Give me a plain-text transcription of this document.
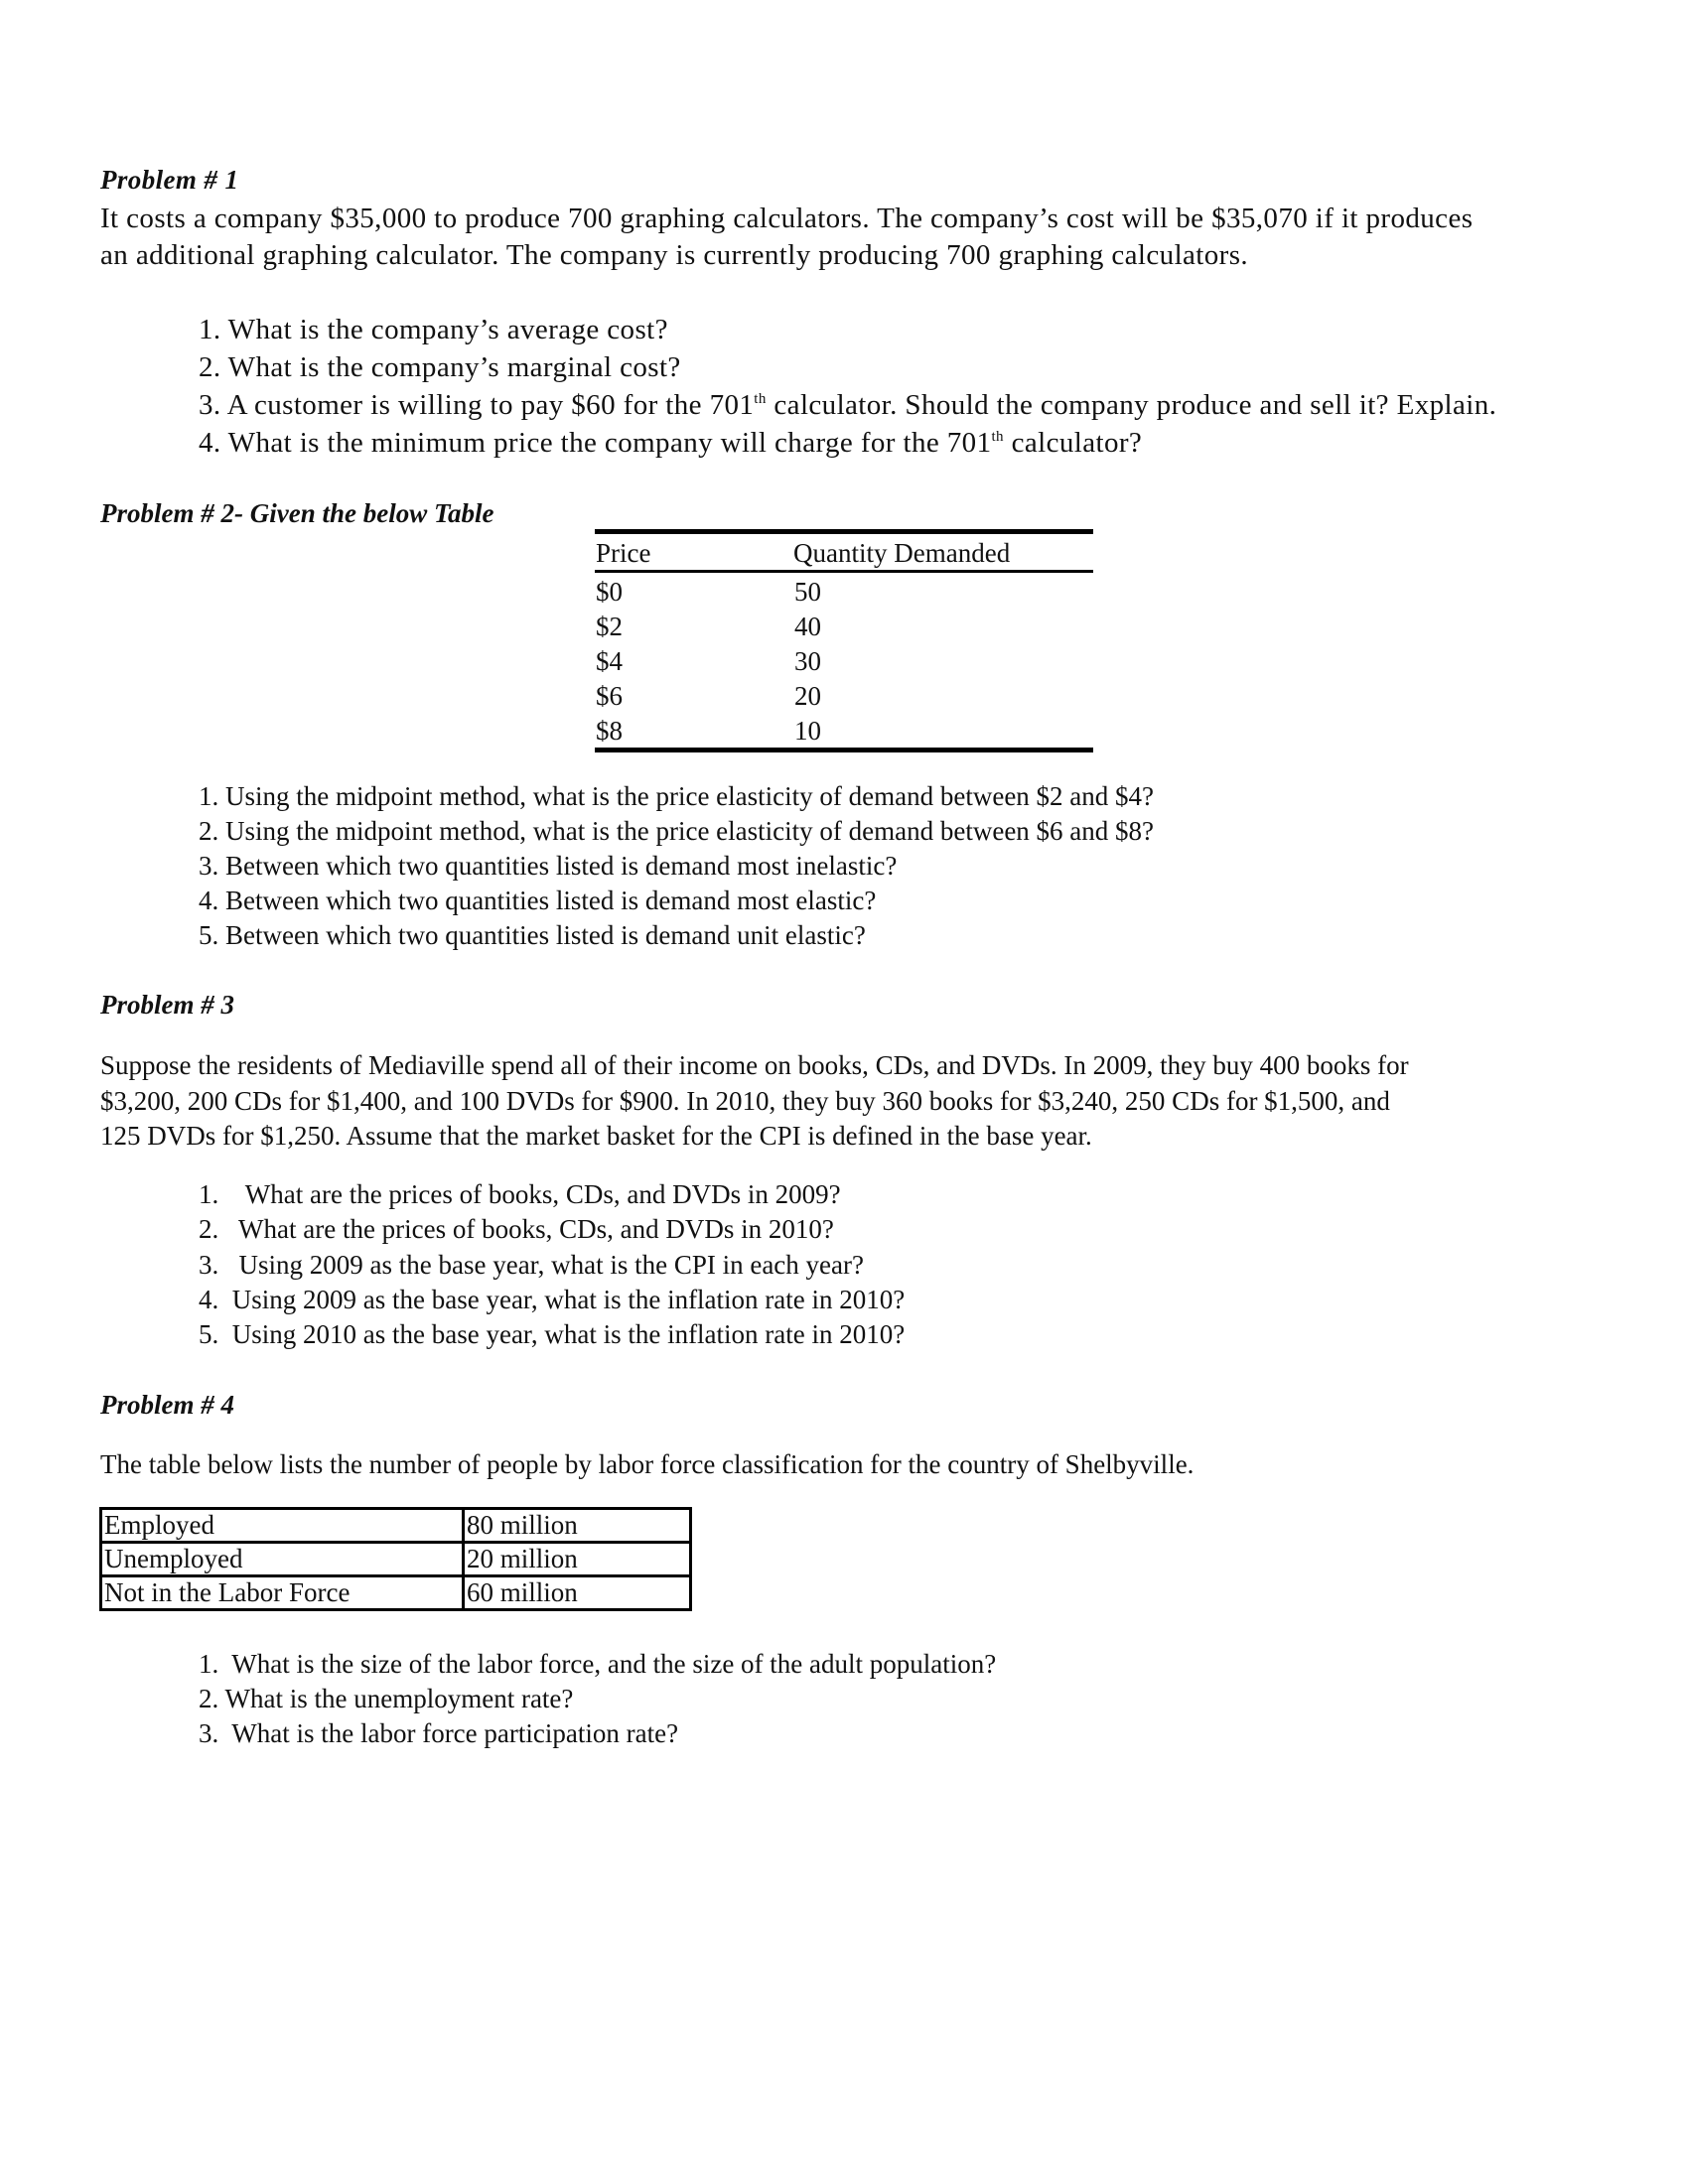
Problem # 1
It costs a company $35,000 to produce 700 graphing calculators. The company’s cost will be $35,070 if it produces
an additional graphing calculator. The company is currently producing 700 graphing calculators.
1. What is the company’s average cost?
2. What is the company’s marginal cost?
3. A customer is willing to pay $60 for the 701th calculator. Should the company produce and sell it? Explain.
4. What is the minimum price the company will charge for the 701th calculator?
Problem # 2- Given the below Table
Price	Quantity Demanded
$0	50
$2	40
$4	30
$6	20
$8	10
1. Using the midpoint method, what is the price elasticity of demand between $2 and $4?
2. Using the midpoint method, what is the price elasticity of demand between $6 and $8?
3. Between which two quantities listed is demand most inelastic?
4. Between which two quantities listed is demand most elastic?
5. Between which two quantities listed is demand unit elastic?
Problem # 3
Suppose the residents of Mediaville spend all of their income on books, CDs, and DVDs. In 2009, they buy 400 books for
$3,200, 200 CDs for $1,400, and 100 DVDs for $900. In 2010, they buy 360 books for $3,240, 250 CDs for $1,500, and
125 DVDs for $1,250. Assume that the market basket for the CPI is defined in the base year.
1.    What are the prices of books, CDs, and DVDs in 2009?
2.   What are the prices of books, CDs, and DVDs in 2010?
3.   Using 2009 as the base year, what is the CPI in each year?
4.  Using 2009 as the base year, what is the inflation rate in 2010?
5.  Using 2010 as the base year, what is the inflation rate in 2010?
Problem # 4
The table below lists the number of people by labor force classification for the country of Shelbyville.
Employed	80 million
Unemployed	20 million
Not in the Labor Force	60 million
1.  What is the size of the labor force, and the size of the adult population?
2. What is the unemployment rate?
3.  What is the labor force participation rate?
